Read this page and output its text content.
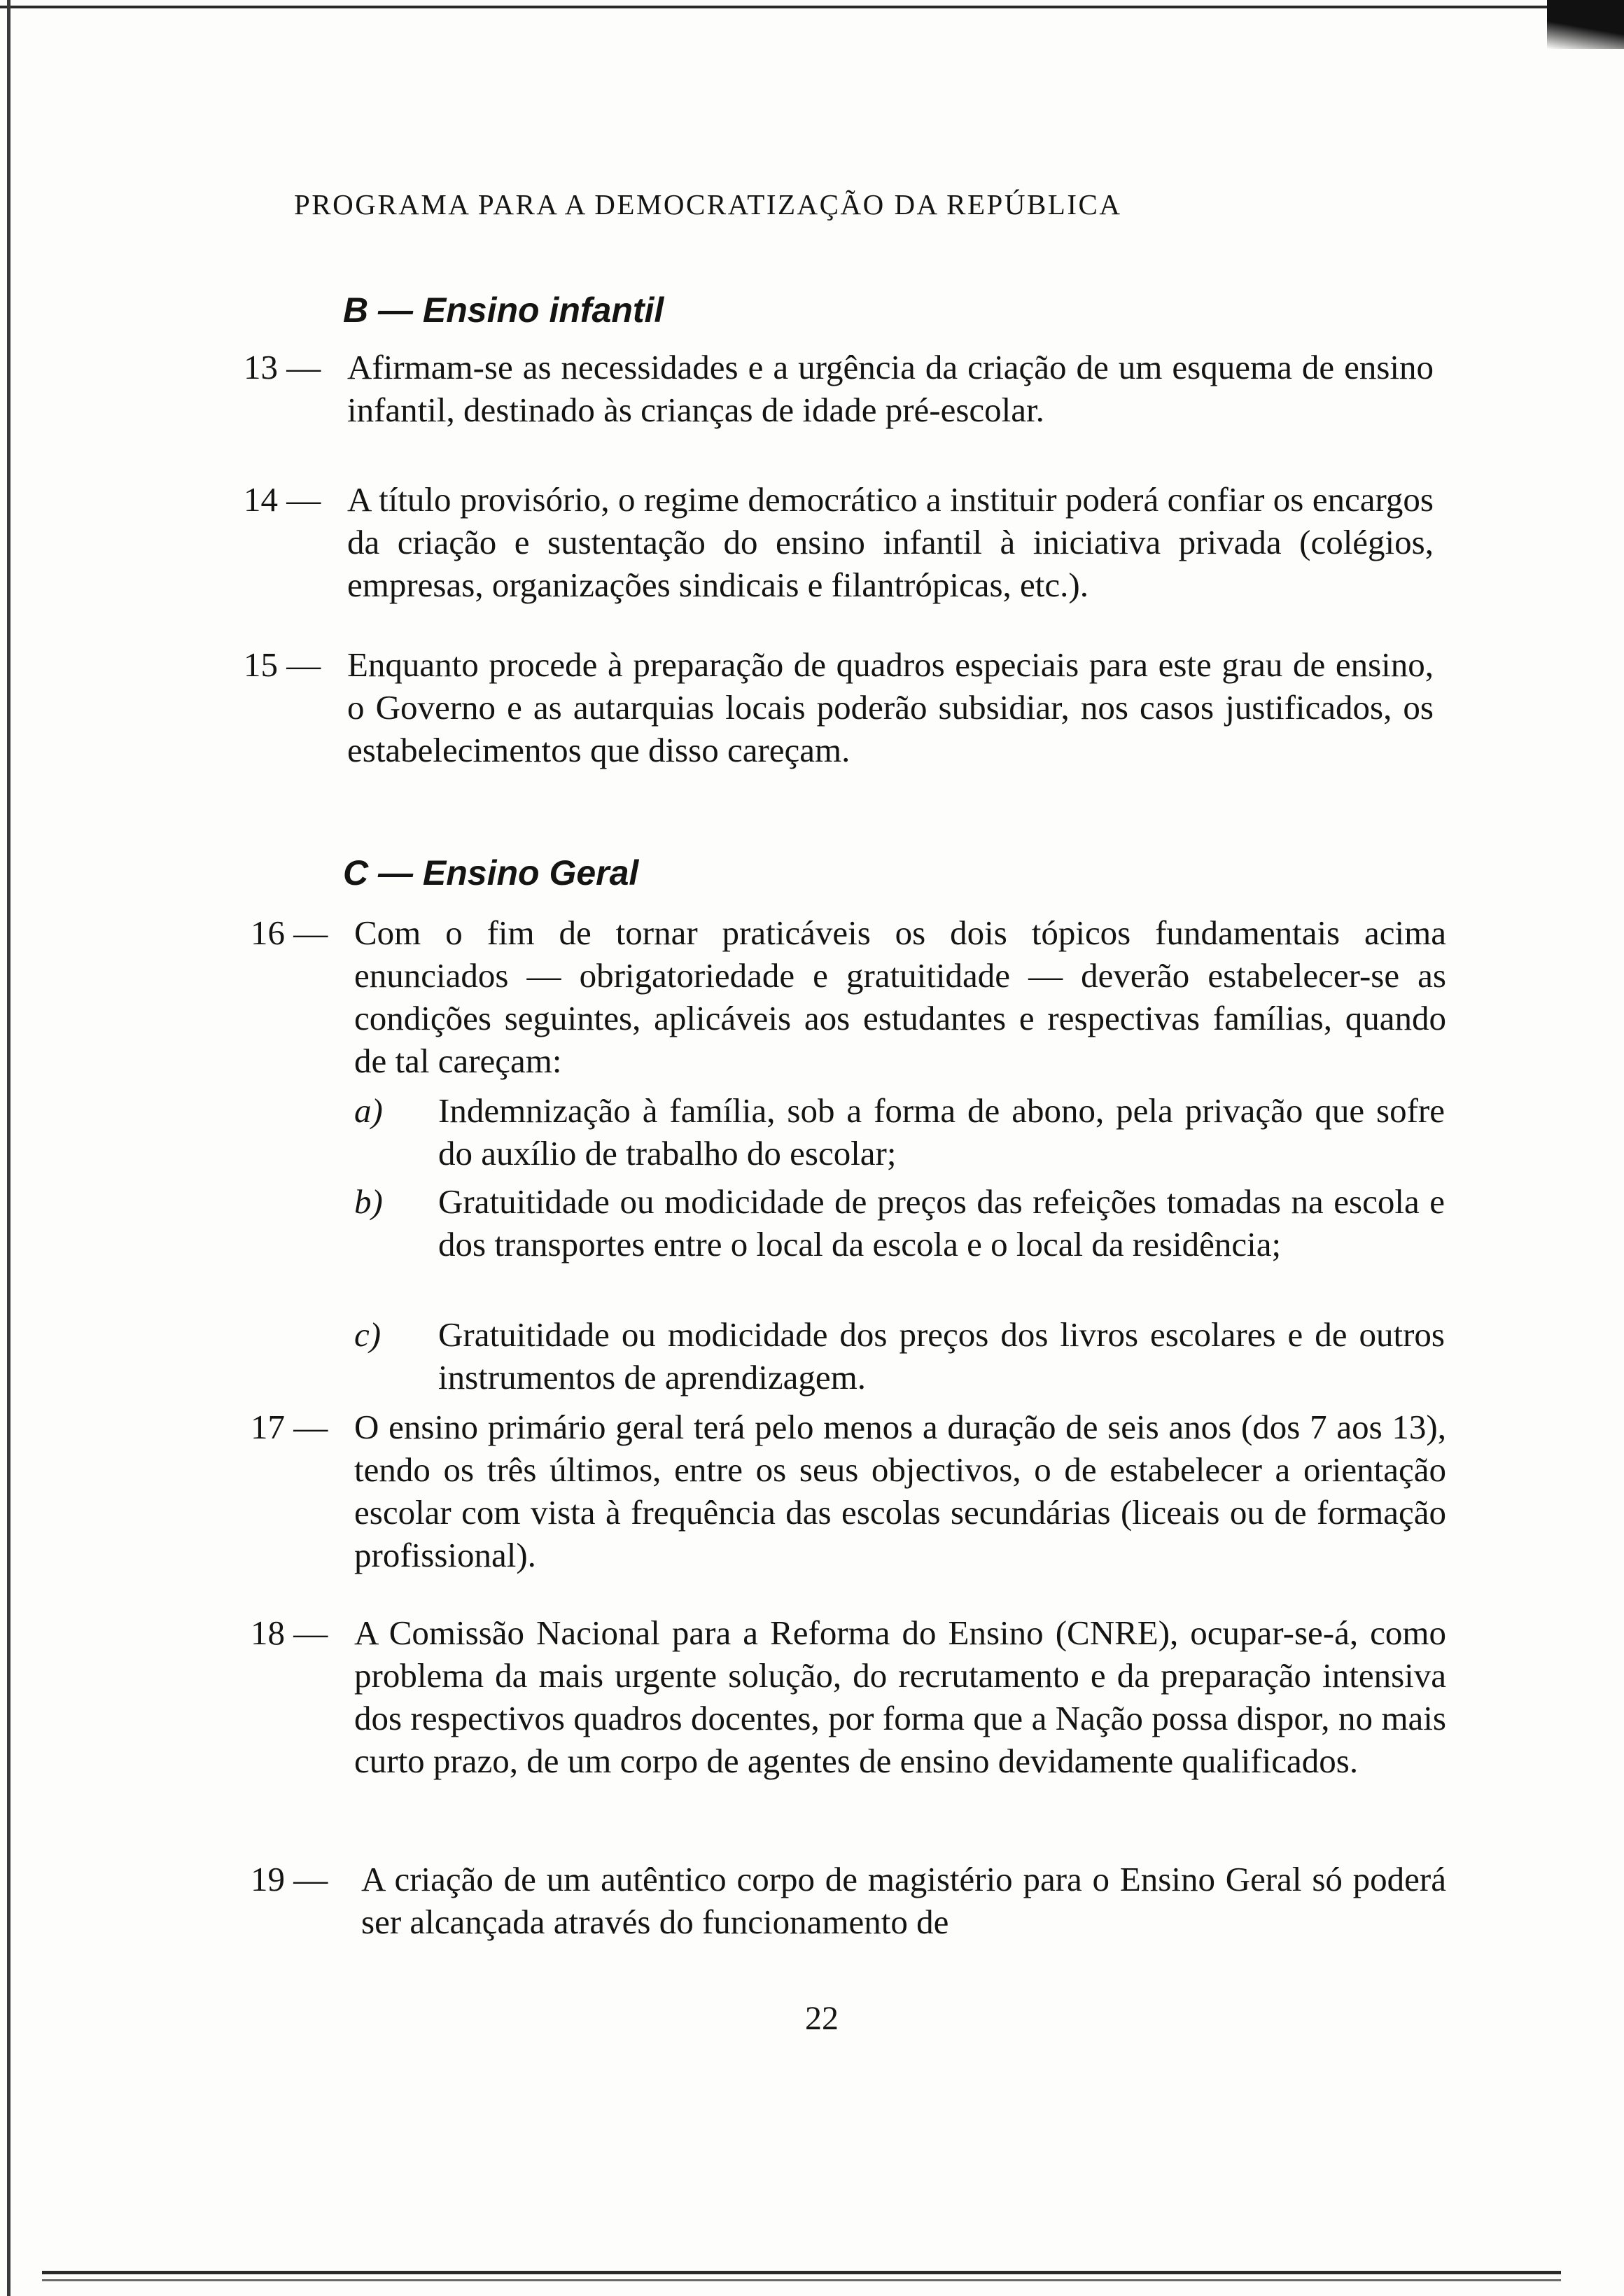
PROGRAMA PARA A DEMOCRATIZAÇÃO DA REPÚBLICA
B — Ensino infantil
13 — Afirmam-se as necessidades e a urgência da criação de um esquema de ensino infantil, destinado às crianças de idade pré-escolar.
14 — A título provisório, o regime democrático a instituir poderá confiar os encargos da criação e sustentação do ensino infantil à iniciativa privada (colégios, empresas, organizações sindicais e filantrópicas, etc.).
15 — Enquanto procede à preparação de quadros especiais para este grau de ensino, o Governo e as autarquias locais poderão subsidiar, nos casos justificados, os estabelecimentos que disso careçam.
C — Ensino Geral
16 — Com o fim de tornar praticáveis os dois tópicos fundamentais acima enunciados — obrigatoriedade e gratuitidade — deverão estabelecer-se as condições seguintes, aplicáveis aos estudantes e respectivas famílias, quando de tal careçam:
a) Indemnização à família, sob a forma de abono, pela privação que sofre do auxílio de trabalho do escolar;
b) Gratuitidade ou modicidade de preços das refeições tomadas na escola e dos transportes entre o local da escola e o local da residência;
c) Gratuitidade ou modicidade dos preços dos livros escolares e de outros instrumentos de aprendizagem.
17 — O ensino primário geral terá pelo menos a duração de seis anos (dos 7 aos 13), tendo os três últimos, entre os seus objectivos, o de estabelecer a orientação escolar com vista à frequência das escolas secundárias (liceais ou de formação profissional).
18 — A Comissão Nacional para a Reforma do Ensino (CNRE), ocupar-se-á, como problema da mais urgente solução, do recrutamento e da preparação intensiva dos respectivos quadros docentes, por forma que a Nação possa dispor, no mais curto prazo, de um corpo de agentes de ensino devidamente qualificados.
19 — A criação de um autêntico corpo de magistério para o Ensino Geral só poderá ser alcançada através do funcionamento de
22
